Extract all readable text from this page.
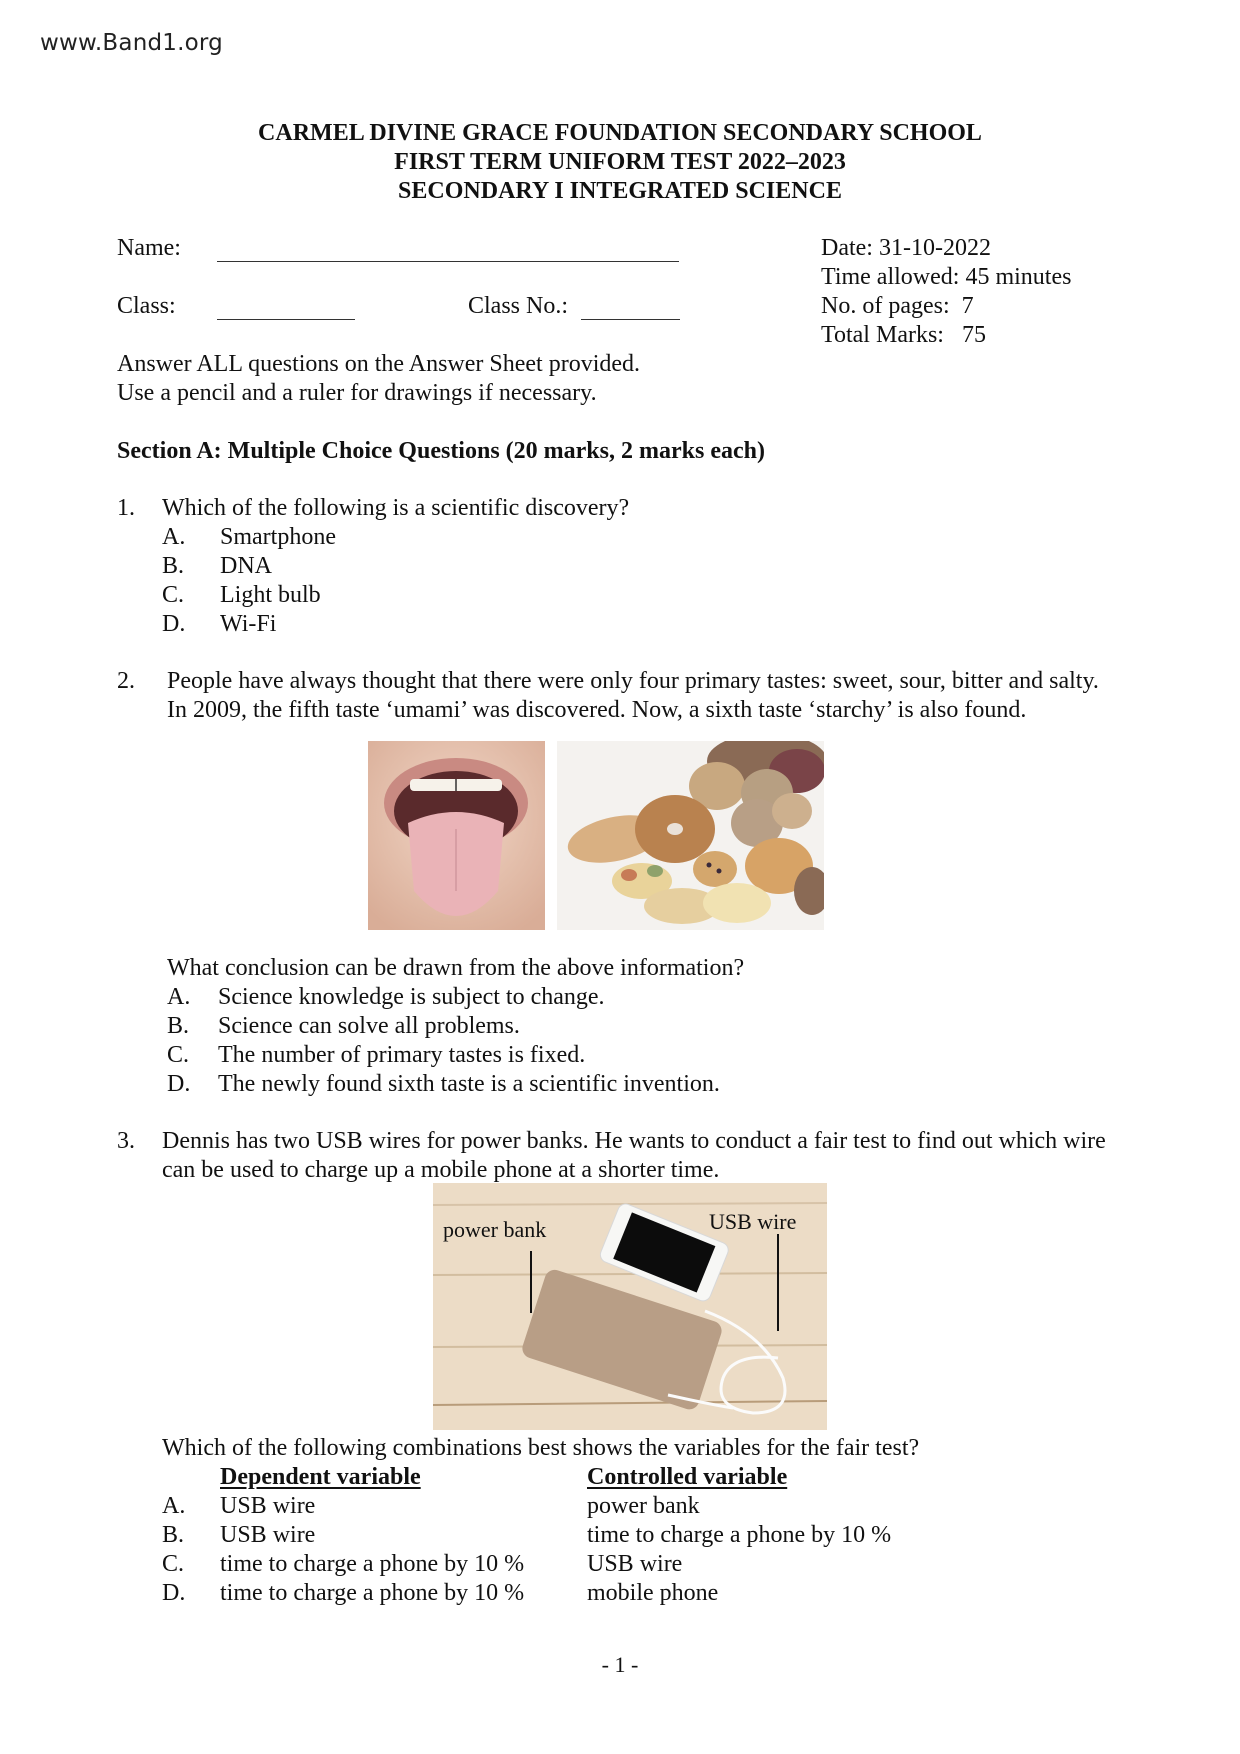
www.Band1.org
CARMEL DIVINE GRACE FOUNDATION SECONDARY SCHOOL
FIRST TERM UNIFORM TEST 2022–2023
SECONDARY I INTEGRATED SCIENCE
Name:
Class:	Class No.:
Date: 31-10-2022
Time allowed: 45 minutes
No. of pages:  7
Total Marks:   75
Answer ALL questions on the Answer Sheet provided.
Use a pencil and a ruler for drawings if necessary.
Section A: Multiple Choice Questions (20 marks, 2 marks each)
1. Which of the following is a scientific discovery?
A. Smartphone
B. DNA
C. Light bulb
D. Wi-Fi
2. People have always thought that there were only four primary tastes: sweet, sour, bitter and salty.
In 2009, the fifth taste ‘umami’ was discovered. Now, a sixth taste ‘starchy’ is also found.
What conclusion can be drawn from the above information?
A. Science knowledge is subject to change.
B. Science can solve all problems.
C. The number of primary tastes is fixed.
D. The newly found sixth taste is a scientific invention.
3. Dennis has two USB wires for power banks. He wants to conduct a fair test to find out which wire
can be used to charge up a mobile phone at a shorter time.
power bank	USB wire
Which of the following combinations best shows the variables for the fair test?
Dependent variable	Controlled variable
A. USB wire	power bank
B. USB wire	time to charge a phone by 10 %
C. time to charge a phone by 10 %	USB wire
D. time to charge a phone by 10 %	mobile phone
- 1 -
